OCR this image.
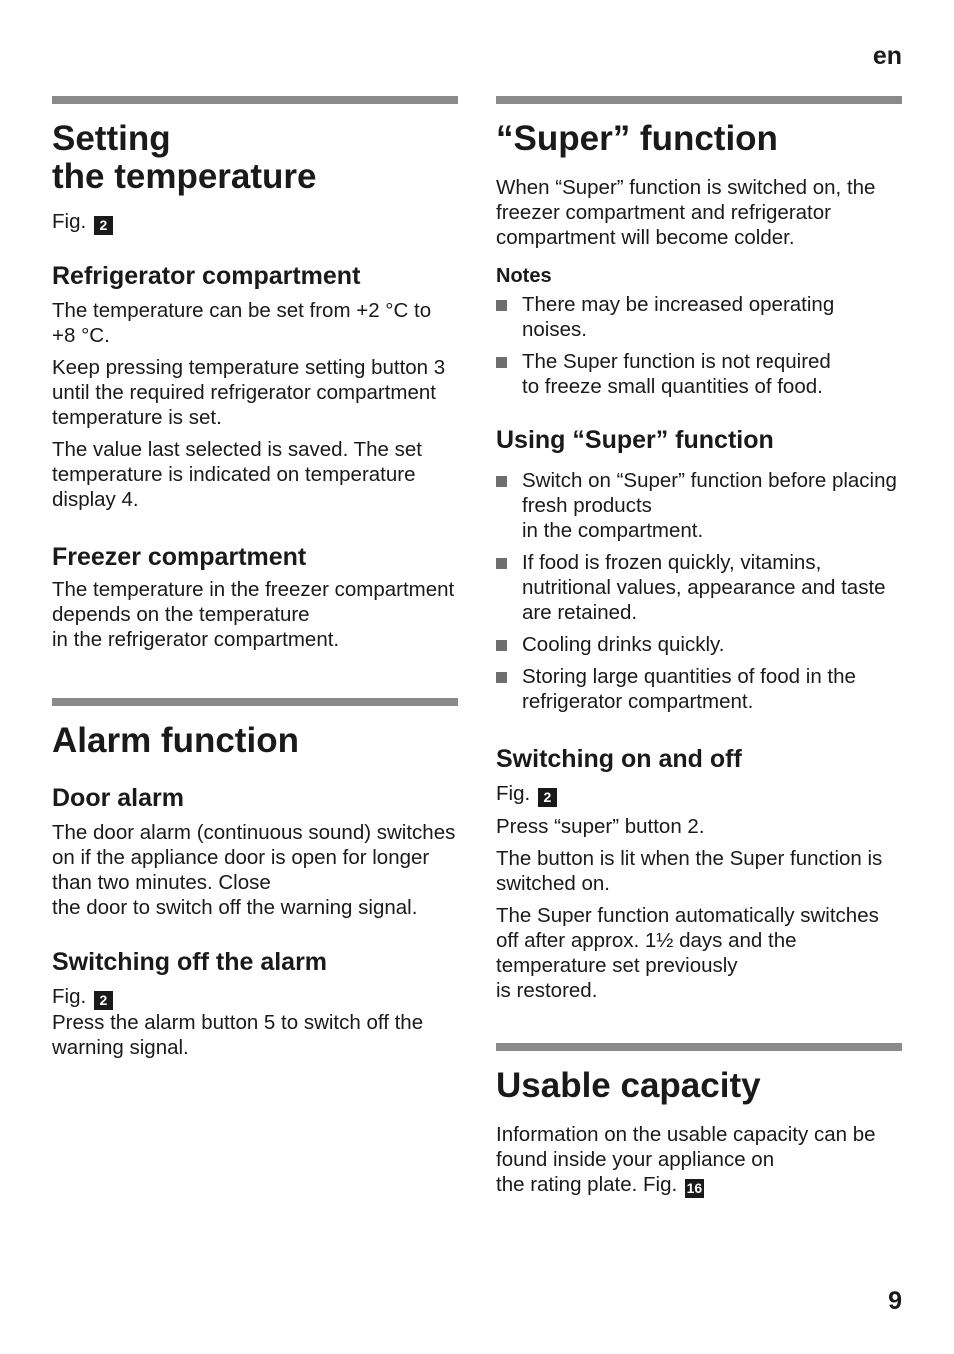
en
Setting
the temperature
Fig. 2
Refrigerator compartment

The temperature can be set from +2 °C to +8 °C.

Keep pressing temperature setting button 3 until the required refrigerator compartment temperature is set.

The value last selected is saved. The set temperature is indicated on temperature display 4.

Freezer compartment

The temperature in the freezer compartment
depends on the temperature
in the refrigerator compartment.

Alarm function
Door alarm

The door alarm (continuous sound) switches on if the appliance door is open for longer than two minutes. Close
the door to switch off the warning signal.

Switching off the alarm
Fig. 2

Press the alarm button 5 to switch off the warning signal.

“Super” function

When “Super” function is switched on, the freezer compartment and refrigerator compartment will become colder.

Notes
There may be increased operating noises.
The Super function is not required
to freeze small quantities of food.
Using “Super” function
Switch on “Super” function before placing fresh products
in the compartment.
If food is frozen quickly, vitamins, nutritional values, appearance and taste are retained.
Cooling drinks quickly.
Storing large quantities of food in the refrigerator compartment.
Switching on and off
Fig. 2

Press “super” button 2.

The button is lit when the Super function is switched on.

The Super function automatically switches off after approx. 1½ days and the temperature set previously
is restored.

Usable capacity

Information on the usable capacity can be found inside your appliance on
the rating plate. Fig. 16

9
